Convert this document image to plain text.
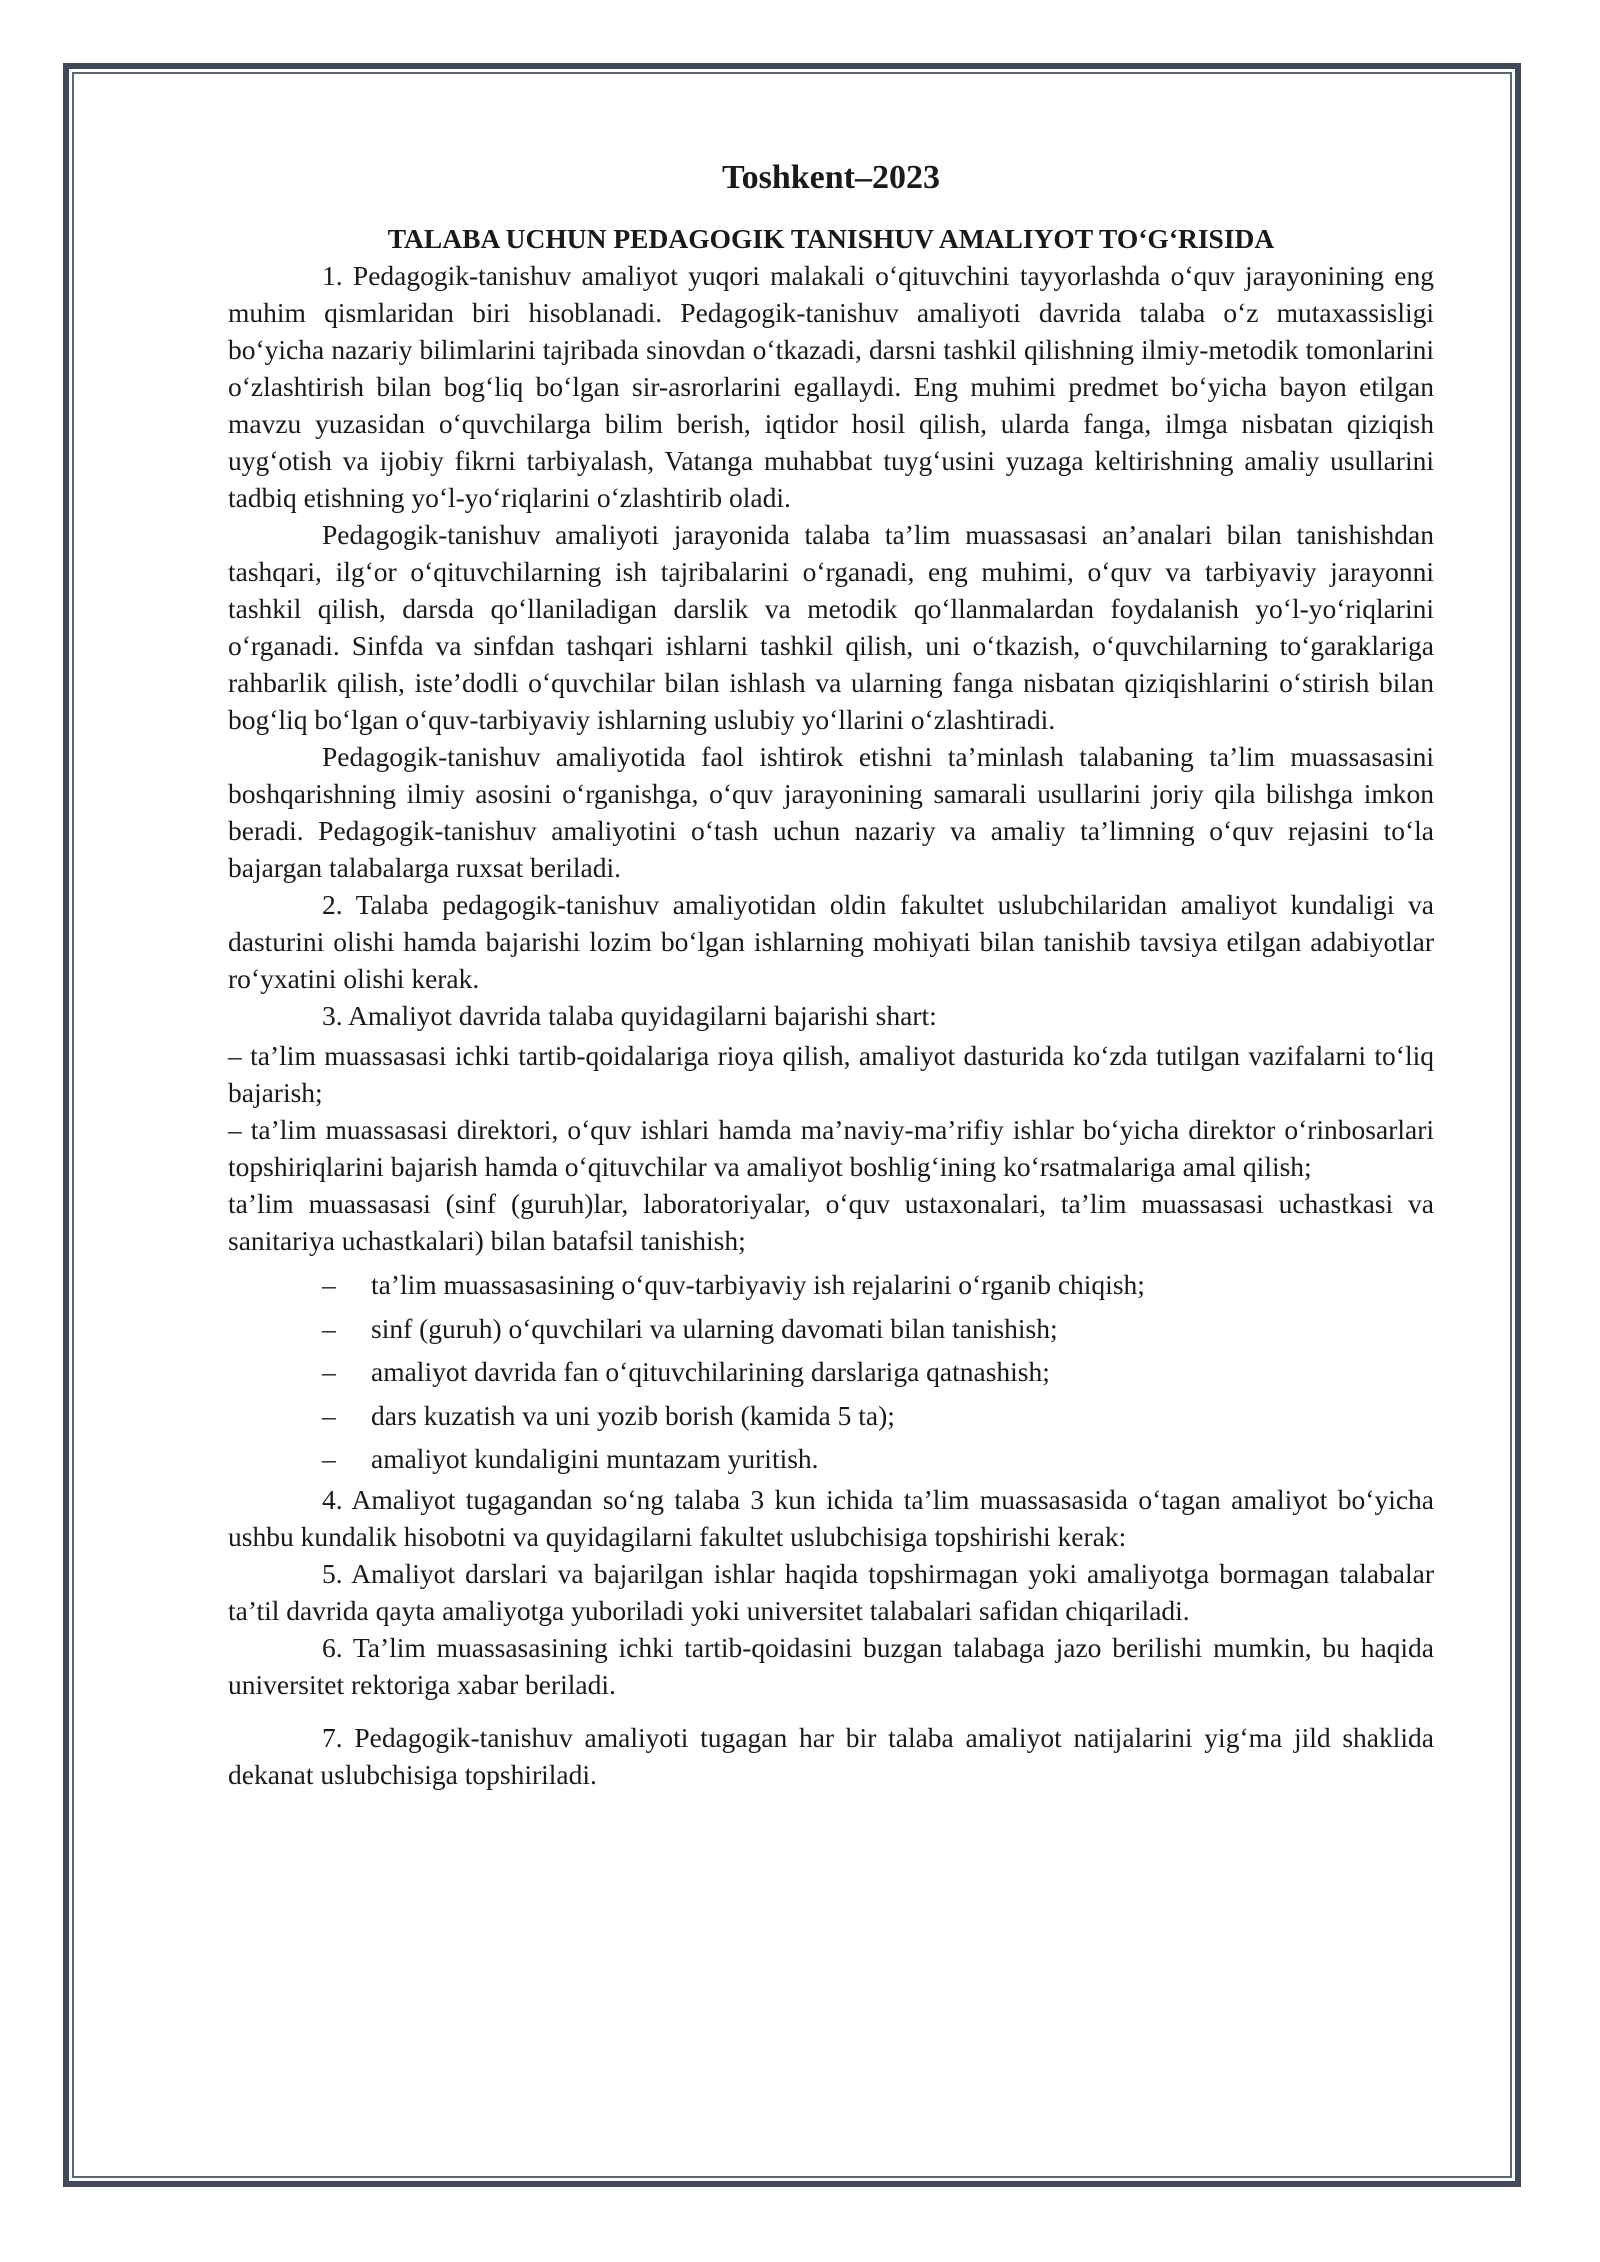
Toshkent–2023
TALABA UCHUN PEDAGOGIK TANISHUV AMALIYOT TO‘G‘RISIDA

1. Pedagogik-tanishuv amaliyot yuqori malakali o‘qituvchini tayyorlashda o‘quv jarayonining eng muhim qismlaridan biri hisoblanadi. Pedagogik-tanishuv amaliyoti davrida talaba o‘z mutaxassisligi bo‘yicha nazariy bilimlarini tajribada sinovdan o‘tkazadi, darsni tashkil qilishning ilmiy-metodik tomonlarini o‘zlashtirish bilan bog‘liq bo‘lgan sir-asrorlarini egallaydi. Eng muhimi predmet bo‘yicha bayon etilgan mavzu yuzasidan o‘quvchilarga bilim berish, iqtidor hosil qilish, ularda fanga, ilmga nisbatan qiziqish uyg‘otish va ijobiy fikrni tarbiyalash, Vatanga muhabbat tuyg‘usini yuzaga keltirishning amaliy usullarini tadbiq etishning yo‘l-yo‘riqlarini o‘zlashtirib oladi.

Pedagogik-tanishuv amaliyoti jarayonida talaba ta’lim muassasasi an’analari bilan tanishishdan tashqari, ilg‘or o‘qituvchilarning ish tajribalarini o‘rganadi, eng muhimi, o‘quv va tarbiyaviy jarayonni tashkil qilish, darsda qo‘llaniladigan darslik va metodik qo‘llanmalardan foydalanish yo‘l-yo‘riqlarini o‘rganadi. Sinfda va sinfdan tashqari ishlarni tashkil qilish, uni o‘tkazish, o‘quvchilarning to‘garaklariga rahbarlik qilish, iste’dodli o‘quvchilar bilan ishlash va ularning fanga nisbatan qiziqishlarini o‘stirish bilan bog‘liq bo‘lgan o‘quv-tarbiyaviy ishlarning uslubiy yo‘llarini o‘zlashtiradi.

Pedagogik-tanishuv amaliyotida faol ishtirok etishni ta’minlash talabaning ta’lim muassasasini boshqarishning ilmiy asosini o‘rganishga, o‘quv jarayonining samarali usullarini joriy qila bilishga imkon beradi. Pedagogik-tanishuv amaliyotini o‘tash uchun nazariy va amaliy ta’limning o‘quv rejasini to‘la bajargan talabalarga ruxsat beriladi.

2. Talaba pedagogik-tanishuv amaliyotidan oldin fakultet uslubchilaridan amaliyot kundaligi va dasturini olishi hamda bajarishi lozim bo‘lgan ishlarning mohiyati bilan tanishib tavsiya etilgan adabiyotlar ro‘yxatini olishi kerak.

3. Amaliyot davrida talaba quyidagilarni bajarishi shart:

– ta’lim muassasasi ichki tartib-qoidalariga rioya qilish, amaliyot dasturida ko‘zda tutilgan vazifalarni to‘liq bajarish;

– ta’lim muassasasi direktori, o‘quv ishlari hamda ma’naviy-ma’rifiy ishlar bo‘yicha direktor o‘rinbosarlari topshiriqlarini bajarish hamda o‘qituvchilar va amaliyot boshlig‘ining ko‘rsatmalariga amal qilish;

ta’lim muassasasi (sinf (guruh)lar, laboratoriyalar, o‘quv ustaxonalari, ta’lim muassasasi uchastkasi va sanitariya uchastkalari) bilan batafsil tanishish;

– ta’lim muassasasining o‘quv-tarbiyaviy ish rejalarini o‘rganib chiqish;
– sinf (guruh) o‘quvchilari va ularning davomati bilan tanishish;
– amaliyot davrida fan o‘qituvchilarining darslariga qatnashish;
– dars kuzatish va uni yozib borish (kamida 5 ta);
– amaliyot kundaligini muntazam yuritish.

4. Amaliyot tugagandan so‘ng talaba 3 kun ichida ta’lim muassasasida o‘tagan amaliyot bo‘yicha ushbu kundalik hisobotni va quyidagilarni fakultet uslubchisiga topshirishi kerak:

5. Amaliyot darslari va bajarilgan ishlar haqida topshirmagan yoki amaliyotga bormagan talabalar ta’til davrida qayta amaliyotga yuboriladi yoki universitet talabalari safidan chiqariladi.

6. Ta’lim muassasasining ichki tartib-qoidasini buzgan talabaga jazo berilishi mumkin, bu haqida universitet rektoriga xabar beriladi.

7. Pedagogik-tanishuv amaliyoti tugagan har bir talaba amaliyot natijalarini yig‘ma jild shaklida dekanat uslubchisiga topshiriladi.
